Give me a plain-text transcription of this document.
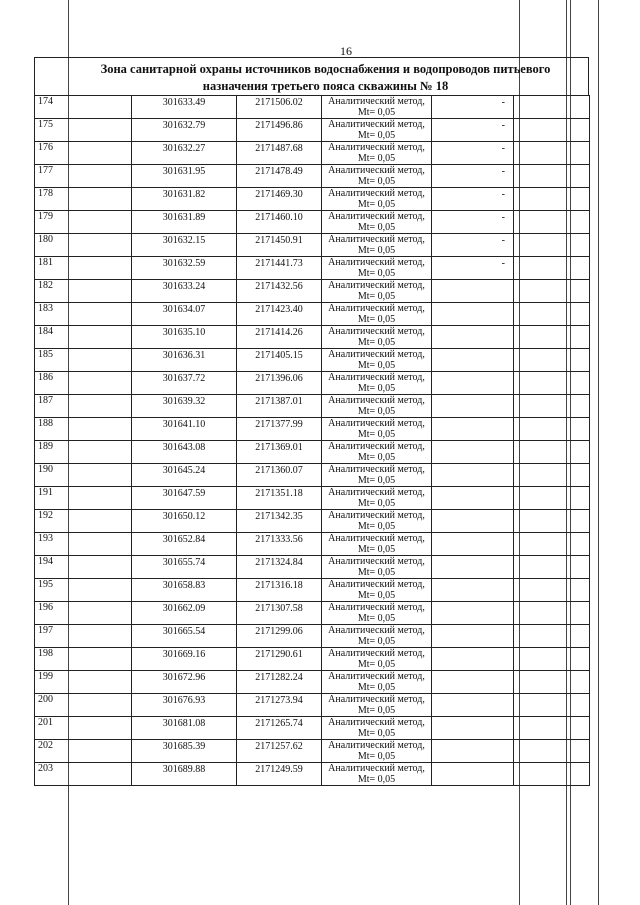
16
Зона санитарной охраны источников водоснабжения и водопроводов питьевого
назначения третьего пояса скважины № 18
174	301633.49	2171506.02	Аналитический метод,
Mt= 0,05	-	
175	301632.79	2171496.86	Аналитический метод,
Mt= 0,05	-	
176	301632.27	2171487.68	Аналитический метод,
Mt= 0,05	-	
177	301631.95	2171478.49	Аналитический метод,
Mt= 0,05	-	
178	301631.82	2171469.30	Аналитический метод,
Mt= 0,05	-	
179	301631.89	2171460.10	Аналитический метод,
Mt= 0,05	-	
180	301632.15	2171450.91	Аналитический метод,
Mt= 0,05	-	
181	301632.59	2171441.73	Аналитический метод,
Mt= 0,05	-	
182	301633.24	2171432.56	Аналитический метод,
Mt= 0,05		

183	301634.07	2171423.40	Аналитический метод,
Mt= 0,05		

184	301635.10	2171414.26	Аналитический метод,
Mt= 0,05		

185	301636.31	2171405.15	Аналитический метод,
Mt= 0,05		

186	301637.72	2171396.06	Аналитический метод,
Mt= 0,05		

187	301639.32	2171387.01	Аналитический метод,
Mt= 0,05		

188	301641.10	2171377.99	Аналитический метод,
Mt= 0,05		

189	301643.08	2171369.01	Аналитический метод,
Mt= 0,05		

190	301645.24	2171360.07	Аналитический метод,
Mt= 0,05		

191	301647.59	2171351.18	Аналитический метод,
Mt= 0,05		

192	301650.12	2171342.35	Аналитический метод,
Mt= 0,05		

193	301652.84	2171333.56	Аналитический метод,
Mt= 0,05		

194	301655.74	2171324.84	Аналитический метод,
Mt= 0,05		

195	301658.83	2171316.18	Аналитический метод,
Mt= 0,05		

196	301662.09	2171307.58	Аналитический метод,
Mt= 0,05		

197	301665.54	2171299.06	Аналитический метод,
Mt= 0,05		

198	301669.16	2171290.61	Аналитический метод,
Mt= 0,05		

199	301672.96	2171282.24	Аналитический метод,
Mt= 0,05		

200	301676.93	2171273.94	Аналитический метод,
Mt= 0,05		

201	301681.08	2171265.74	Аналитический метод,
Mt= 0,05		

202	301685.39	2171257.62	Аналитический метод,
Mt= 0,05		

203	301689.88	2171249.59	Аналитический метод,
Mt= 0,05		
